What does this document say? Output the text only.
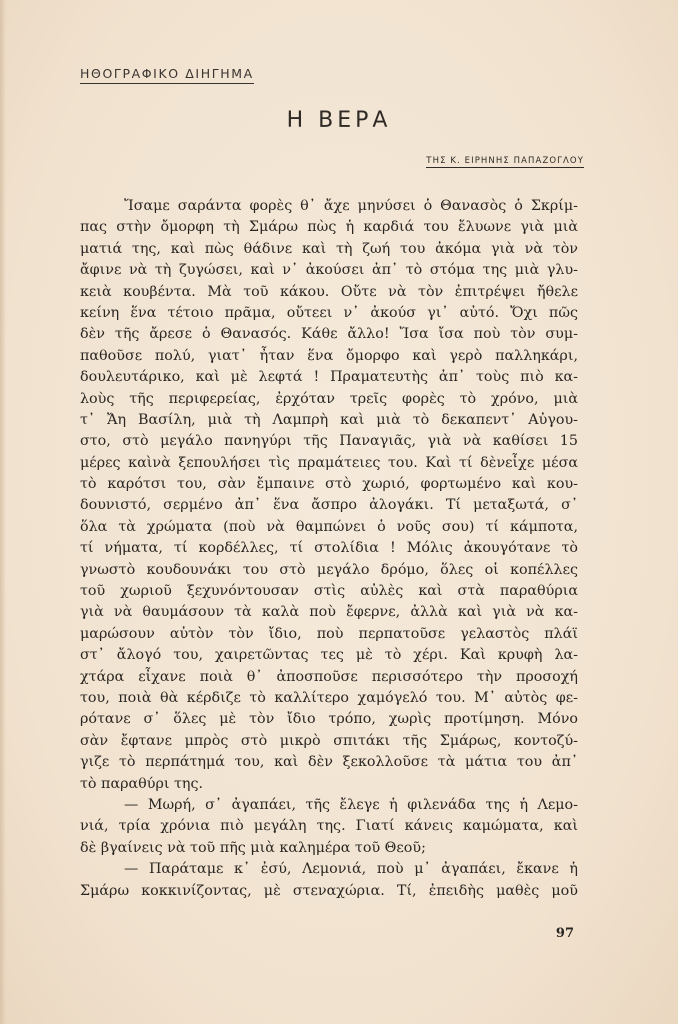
ΗΘΟΓΡΑΦΙΚΟ ΔΙΗΓΗΜΑ
Η ΒΕΡΑ
ΤΗΣ Κ. ΕΙΡΗΝΗΣ ΠΑΠΑΖΟΓΛΟΥ
Ἴσαμε σαράντα φορὲς θ᾽ ἄχε μηνύσει ὁ Θανασὸς ὁ Σκρίμ-
πας στὴν ὄμορφη τὴ Σμάρω πὼς ἡ καρδιά του ἔλυωνε γιὰ μιὰ
ματιά της, καὶ πὼς θάδινε καὶ τὴ ζωή του ἀκόμα γιὰ νὰ τὸν
ἄφινε νὰ τὴ ζυγώσει, καὶ ν᾽ ἀκούσει ἀπ᾽ τὸ στόμα της μιὰ γλυ-
κειὰ κουβέντα. Μὰ τοῦ κάκου. Οὔτε νὰ τὸν ἐπιτρέψει ἤθελε
κείνη ἕνα τέτοιο πρᾶμα, οὔτεει ν᾽ ἀκούσ γι᾽ αὐτό. Ὄχι πῶς
δὲν τῆς ἄρεσε ὁ Θανασός. Κάθε ἄλλο! Ἴσα ἴσα ποὺ τὸν συμ-
παθοῦσε πολύ, γιατ᾽ ἦταν ἕνα ὄμορφο καὶ γερὸ παλληκάρι,
δουλευτάρικο, καὶ μὲ λεφτά ! Πραματευτὴς ἀπ᾽ τοὺς πιὸ κα-
λοὺς τῆς περιφερείας, ἐρχόταν τρεῖς φορὲς τὸ χρόνο, μιὰ
τ᾽ Ἄη Βασίλη, μιὰ τὴ Λαμπρὴ καὶ μιὰ τὸ δεκαπεντ᾽ Αὐγου-
στο, στὸ μεγάλο πανηγύρι τῆς Παναγιᾶς, γιὰ νὰ καθίσει 15
μέρες καὶνὰ ξεπουλήσει τὶς πραμάτειες του. Καὶ τί δὲνεἶχε μέσα
τὸ καρότσι του, σὰν ἔμπαινε στὸ χωριό, φορτωμένο καὶ κου-
δουνιστό, σερμένο ἀπ᾽ ἕνα ἄσπρο ἀλογάκι. Τί μεταξωτά, σ᾽
ὅλα τὰ χρώματα (ποὺ νὰ θαμπώνει ὁ νοῦς σου) τί κάμποτα,
τί νήματα, τί κορδέλλες, τί στολίδια ! Μόλις ἀκουγότανε τὸ
γνωστὸ κουδουνάκι του στὸ μεγάλο δρόμο, ὅλες οἱ κοπέλλες
τοῦ χωριοῦ ξεχυνόντουσαν στὶς αὐλὲς καὶ στὰ παραθύρια
γιὰ νὰ θαυμάσουν τὰ καλὰ ποὺ ἔφερνε, ἀλλὰ καὶ γιὰ νὰ κα-
μαρώσουν αὐτὸν τὸν ἴδιο, ποὺ περπατοῦσε γελαστὸς πλάϊ
στ᾽ ἄλογό του, χαιρετῶντας τες μὲ τὸ χέρι. Καὶ κρυφὴ λα-
χτάρα εἶχανε ποιὰ θ᾽ ἀποσποῦσε περισσότερο τὴν προσοχή
του, ποιὰ θὰ κέρδιζε τὸ καλλίτερο χαμόγελό του. Μ᾽ αὐτὸς φε-
ρότανε σ᾽ ὅλες μὲ τὸν ἴδιο τρόπο, χωρὶς προτίμηση. Μόνο
σὰν ἔφτανε μπρὸς στὸ μικρὸ σπιτάκι τῆς Σμάρως, κοντοζύ-
γιζε τὸ περπάτημά του, καὶ δὲν ξεκολλοῦσε τὰ μάτια του ἀπ᾽
τὸ παραθύρι της.
— Μωρή, σ᾽ ἀγαπάει, τῆς ἔλεγε ἡ φιλενάδα της ἡ Λεμο-
νιά, τρία χρόνια πιὸ μεγάλη της. Γιατί κάνεις καμώματα, καὶ
δὲ βγαίνεις νὰ τοῦ πῆς μιὰ καλημέρα τοῦ Θεοῦ;
— Παράταμε κ᾽ ἐσύ, Λεμονιά, ποὺ μ᾽ ἀγαπάει, ἔκανε ἡ
Σμάρω κοκκινίζοντας, μὲ στεναχώρια. Τί, ἐπειδὴς μαθὲς μοῦ
97
